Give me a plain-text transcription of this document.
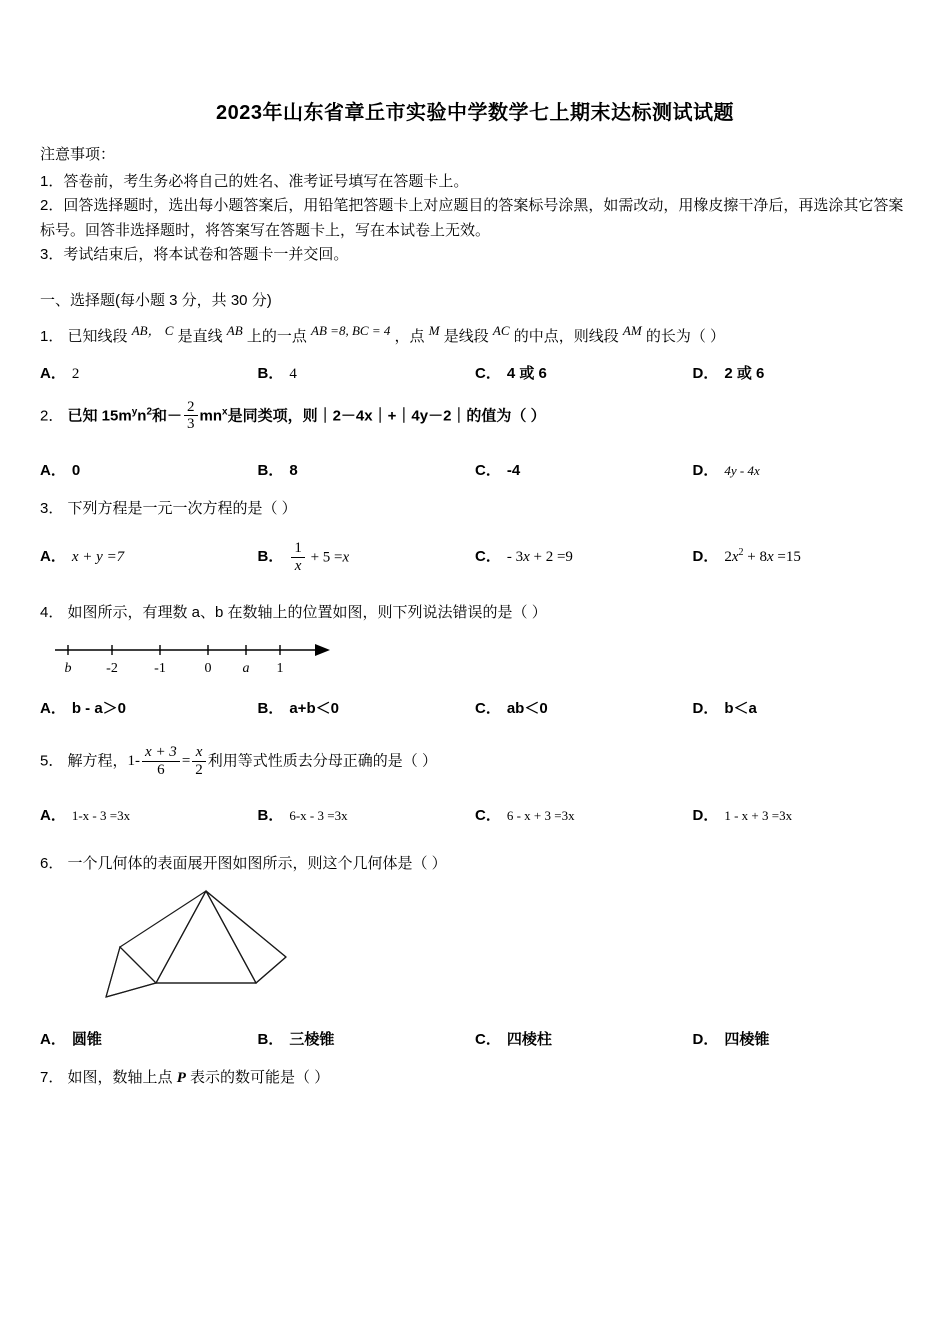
2023年山东省章丘市实验中学数学七上期末达标测试试题
注意事项：

1．答卷前，考生务必将自己的姓名、准考证号填写在答题卡上。

2．回答选择题时，选出每小题答案后，用铅笔把答题卡上对应题目的答案标号涂黑，如需改动，用橡皮擦干净后，再选涂其它答案标号。回答非选择题时，将答案写在答题卡上，写在本试卷上无效。

3．考试结束后，将本试卷和答题卡一并交回。

一、选择题(每小题 3 分，共 30 分)
1． 已知线段 AB， C 是直线 AB 上的一点 AB =8, BC = 4 ，点 M 是线段 AC 的中点，则线段 AM 的长为（ ）
A． 2	B． 4	C． 4 或 6	D． 2 或 6
2． 已知 $15m^yn^2$和－ $\frac{2}{3} mn^x$是同类项，则｜2－4x｜+｜4y－2｜的值为（ ）
A． 0	B． 8	C． -4	D． 4y - 4x
3． 下列方程是一元一次方程的是（ ）
A． x + y =7	B． $\frac{1}{x} + 5 =x$	C． - 3x + 2 =9	D． $2x^2 + 8x =15$
4． 如图所示，有理数 a、b 在数轴上的位置如图，则下列说法错误的是（ ）
b -2	-1	0 a 1
A． b - a＞0	B． a+b＜0	C． ab＜0	D． b＜a
5． 解方程，$1- \frac{x + 3}{6} = \frac{x}{2}$ 利用等式性质去分母正确的是（ ）
A． 1-x - 3 =3x	B． 6-x - 3 =3x	C． 6 - x + 3 =3x	D． 1 - x + 3 =3x
6． 一个几何体的表面展开图如图所示，则这个几何体是（ ）
A． 圆锥	B． 三棱锥	C． 四棱柱	D． 四棱锥
7． 如图，数轴上点 P 表示的数可能是（ ）
